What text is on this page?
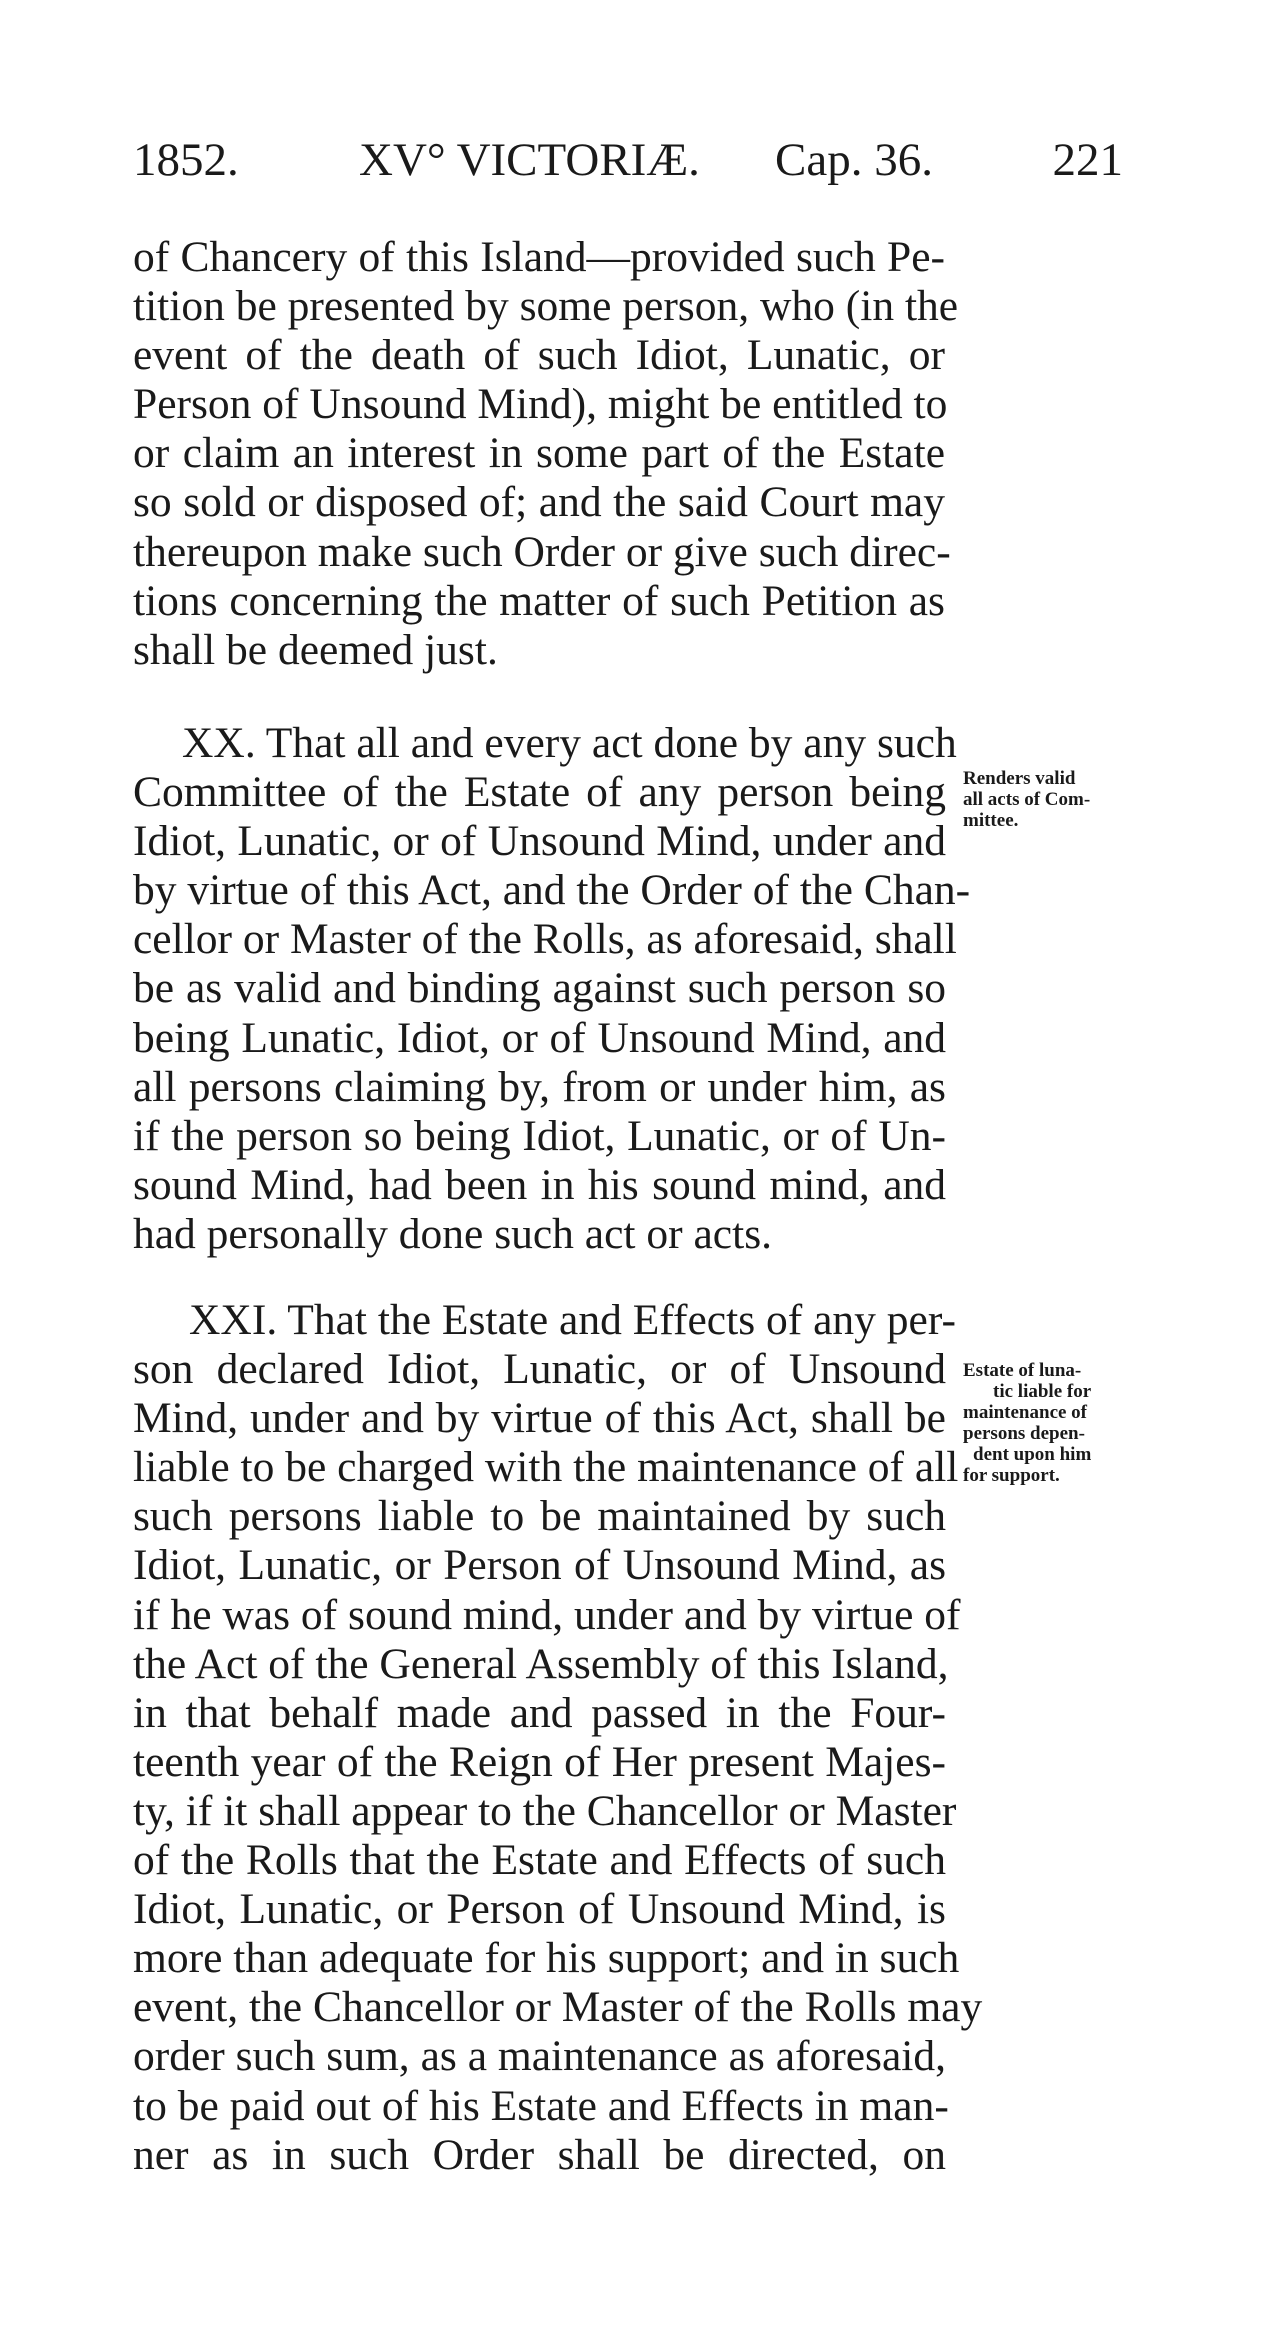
1852.	XV° VICTORIÆ. Cap. 36.	221
of Chancery of this Island—provided such Pe-
tition be presented by some person, who (in the
event of the death of such Idiot, Lunatic, or
Person of Unsound Mind), might be entitled to
or claim an interest in some part of the Estate
so sold or disposed of; and the said Court may
thereupon make such Order or give such direc-
tions concerning the matter of such Petition as
shall be deemed just.
XX. That all and every act done by any such
Committee of the Estate of any person being
Idiot, Lunatic, or of Unsound Mind, under and
by virtue of this Act, and the Order of the Chan-
cellor or Master of the Rolls, as aforesaid, shall
be as valid and binding against such person so
being Lunatic, Idiot, or of Unsound Mind, and
all persons claiming by, from or under him, as
if the person so being Idiot, Lunatic, or of Un-
sound Mind, had been in his sound mind, and
had personally done such act or acts.
Renders valid
all acts of Com-
mittee.
XXI. That the Estate and Effects of any per-
son declared Idiot, Lunatic, or of Unsound
Mind, under and by virtue of this Act, shall be
liable to be charged with the maintenance of all
such persons liable to be maintained by such
Idiot, Lunatic, or Person of Unsound Mind, as
if he was of sound mind, under and by virtue of
the Act of the General Assembly of this Island,
in that behalf made and passed in the Four-
teenth year of the Reign of Her present Majes-
ty, if it shall appear to the Chancellor or Master
of the Rolls that the Estate and Effects of such
Idiot, Lunatic, or Person of Unsound Mind, is
more than adequate for his support; and in such
event, the Chancellor or Master of the Rolls may
order such sum, as a maintenance as aforesaid,
to be paid out of his Estate and Effects in man-
ner as in such Order shall be directed, on
Estate of luna-
tic liable for
maintenance of
persons depen-
dent upon him
for support.
